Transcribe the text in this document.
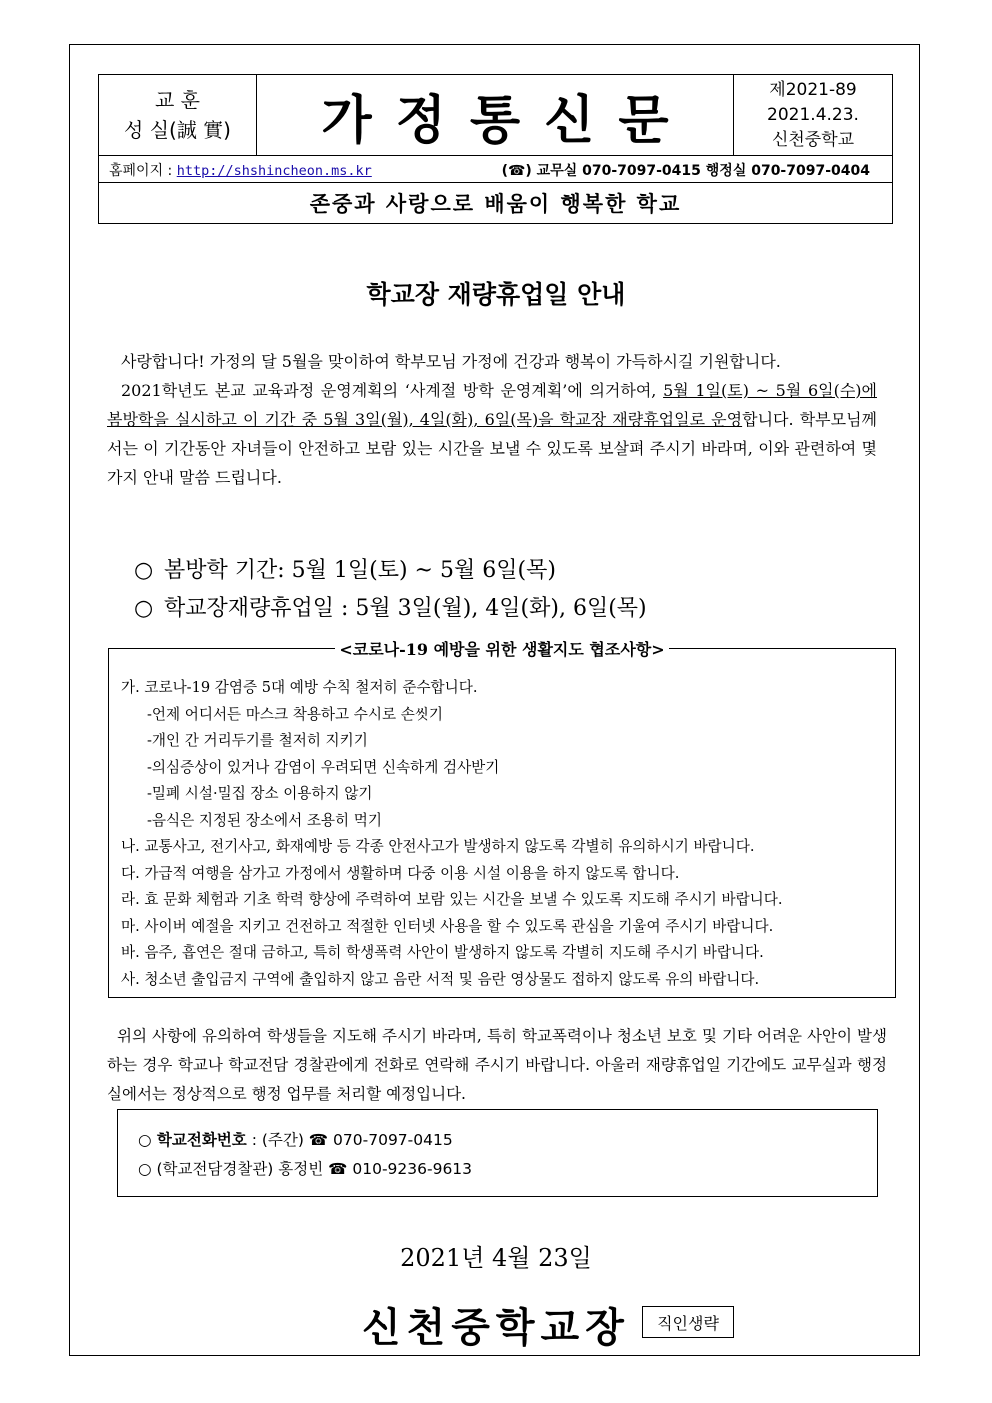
교 훈
성 실(誠 實)	가정통신문
제2021-89
2021.4.23.
신천중학교
홈페이지 : http://shshincheon.ms.kr	(☎) 교무실 070-7097-0415 행정실 070-7097-0404
존중과 사랑으로 배움이 행복한 학교
학교장 재량휴업일 안내

사랑합니다! 가정의 달 5월을 맞이하여 학부모님 가정에 건강과 행복이 가득하시길 기원합니다.

2021학년도 본교 교육과정 운영계획의 ‘사계절 방학 운영계획’에 의거하여, 5월 1일(토) ~ 5월 6일(수)에 봄방학을 실시하고 이 기간 중 5월 3일(월), 4일(화), 6일(목)을 학교장 재량휴업일로 운영합니다. 학부모님께서는 이 기간동안 자녀들이 안전하고 보람 있는 시간을 보낼 수 있도록 보살펴 주시기 바라며, 이와 관련하여 몇 가지 안내 말씀 드립니다.

○ 봄방학 기간: 5월 1일(토) ~ 5월 6일(목)
○ 학교장재량휴업일 : 5월 3일(월), 4일(화), 6일(목)
<코로나-19 예방을 위한 생활지도 협조사항>
가. 코로나-19 감염증 5대 예방 수칙 철저히 준수합니다.
-언제 어디서든 마스크 착용하고 수시로 손씻기
-개인 간 거리두기를 철저히 지키기
-의심증상이 있거나 감염이 우려되면 신속하게 검사받기
-밀폐 시설·밀집 장소 이용하지 않기
-음식은 지정된 장소에서 조용히 먹기
나. 교통사고, 전기사고, 화재예방 등 각종 안전사고가 발생하지 않도록 각별히 유의하시기 바랍니다.
다. 가급적 여행을 삼가고 가정에서 생활하며 다중 이용 시설 이용을 하지 않도록 합니다.
라. 효 문화 체험과 기초 학력 향상에 주력하여 보람 있는 시간을 보낼 수 있도록 지도해 주시기 바랍니다.
마. 사이버 예절을 지키고 건전하고 적절한 인터넷 사용을 할 수 있도록 관심을 기울여 주시기 바랍니다.
바. 음주, 흡연은 절대 금하고, 특히 학생폭력 사안이 발생하지 않도록 각별히 지도해 주시기 바랍니다.
사. 청소년 출입금지 구역에 출입하지 않고 음란 서적 및 음란 영상물도 접하지 않도록 유의 바랍니다.

위의 사항에 유의하여 학생들을 지도해 주시기 바라며, 특히 학교폭력이나 청소년 보호 및 기타 어려운 사안이 발생하는 경우 학교나 학교전담 경찰관에게 전화로 연락해 주시기 바랍니다. 아울러 재량휴업일 기간에도 교무실과 행정실에서는 정상적으로 행정 업무를 처리할 예정입니다.

○ 학교전화번호 : (주간) ☎ 070-7097-0415
○ (학교전담경찰관) 홍정빈 ☎ 010-9236-9613
2021년 4월 23일
신천중학교장	직인생략
